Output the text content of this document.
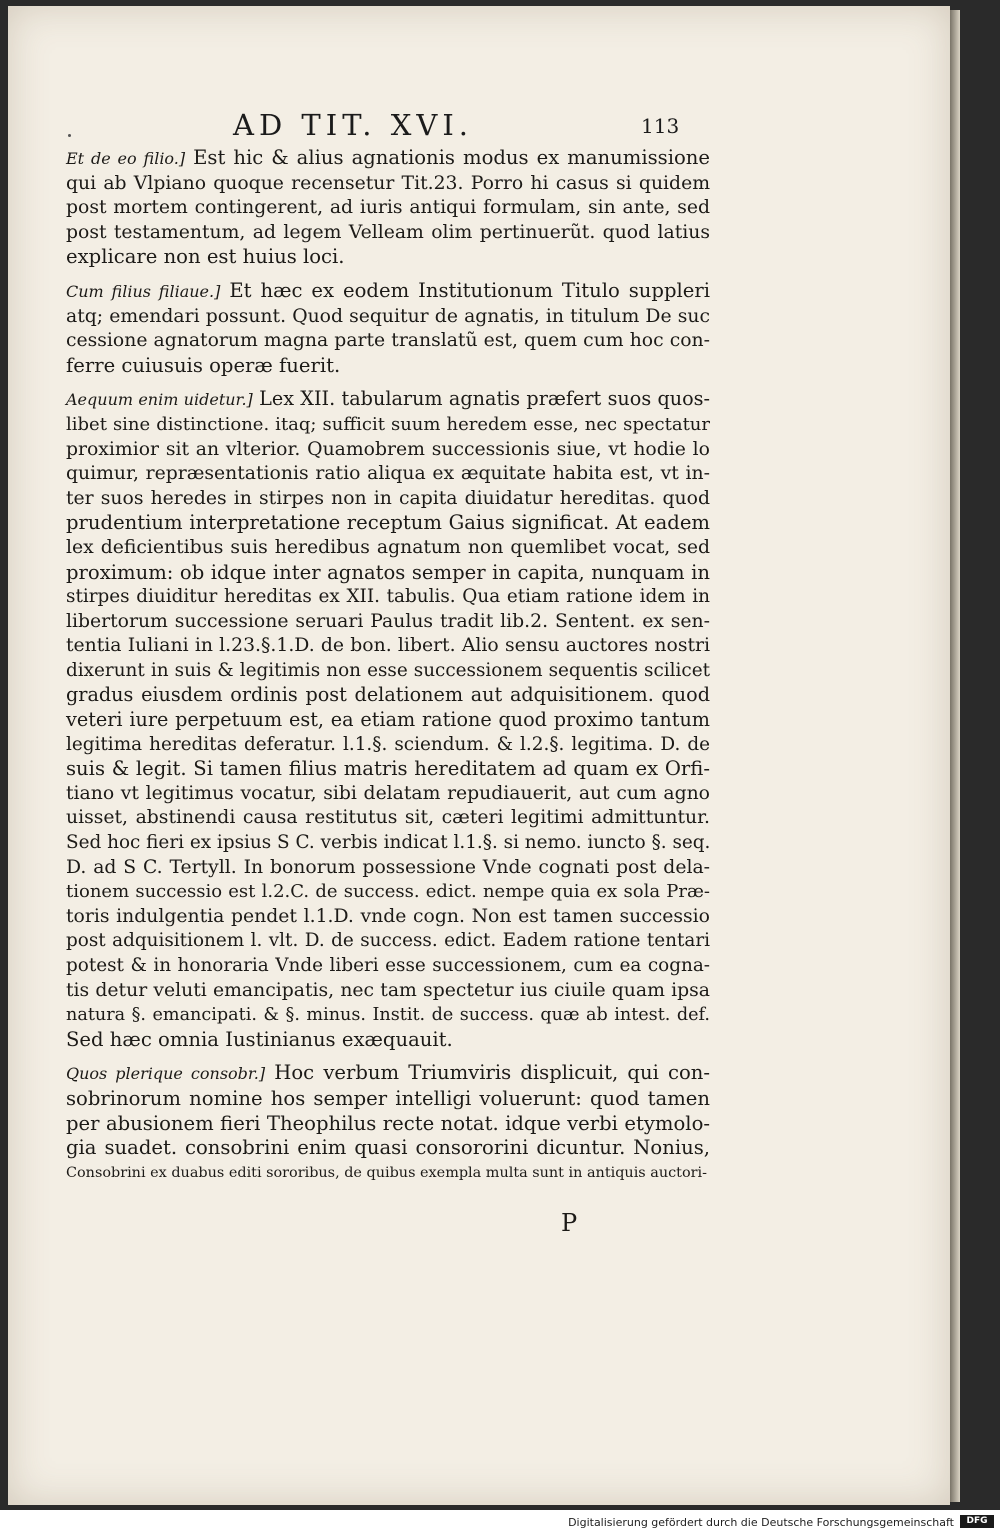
AD TIT. XVI.	113
Et de eo filio.] Est hic & alius agnationis modus ex manumissione
qui ab Vlpiano quoque recensetur Tit.23. Porro hi casus si quidem
post mortem contingerent, ad iuris antiqui formulam, sin ante, sed
post testamentum, ad legem Velleam olim pertinuerũt. quod latius
explicare non est huius loci.
Cum filius filiaue.] Et hæc ex eodem Institutionum Titulo suppleri
atq; emendari possunt. Quod sequitur de agnatis, in titulum De suc
cessione agnatorum magna parte translatũ est, quem cum hoc con-
ferre cuiusuis operæ fuerit.
Aequum enim uidetur.] Lex XII. tabularum agnatis præfert suos quos-
libet sine distinctione. itaq; sufficit suum heredem esse, nec spectatur
proximior sit an vlterior. Quamobrem successionis siue, vt hodie lo
quimur, repræsentationis ratio aliqua ex æquitate habita est, vt in-
ter suos heredes in stirpes non in capita diuidatur hereditas. quod
prudentium interpretatione receptum Gaius significat. At eadem
lex deficientibus suis heredibus agnatum non quemlibet vocat, sed
proximum: ob idque inter agnatos semper in capita, nunquam in
stirpes diuiditur hereditas ex XII. tabulis. Qua etiam ratione idem in
libertorum successione seruari Paulus tradit lib.2. Sentent. ex sen-
tentia Iuliani in l.23.§.1.D. de bon. libert. Alio sensu auctores nostri
dixerunt in suis & legitimis non esse successionem sequentis scilicet
gradus eiusdem ordinis post delationem aut adquisitionem. quod
veteri iure perpetuum est, ea etiam ratione quod proximo tantum
legitima hereditas deferatur. l.1.§. sciendum. & l.2.§. legitima. D. de
suis & legit. Si tamen filius matris hereditatem ad quam ex Orfi-
tiano vt legitimus vocatur, sibi delatam repudiauerit, aut cum agno
uisset, abstinendi causa restitutus sit, cæteri legitimi admittuntur.
Sed hoc fieri ex ipsius S C. verbis indicat l.1.§. si nemo. iuncto §. seq.
D. ad S C. Tertyll. In bonorum possessione Vnde cognati post dela-
tionem successio est l.2.C. de success. edict. nempe quia ex sola Præ-
toris indulgentia pendet l.1.D. vnde cogn. Non est tamen successio
post adquisitionem l. vlt. D. de success. edict. Eadem ratione tentari
potest & in honoraria Vnde liberi esse successionem, cum ea cogna-
tis detur veluti emancipatis, nec tam spectetur ius ciuile quam ipsa
natura §. emancipati. & §. minus. Instit. de success. quæ ab intest. def.
Sed hæc omnia Iustinianus exæquauit.
Quos plerique consobr.] Hoc verbum Triumviris displicuit, qui con-
sobrinorum nomine hos semper intelligi voluerunt: quod tamen
per abusionem fieri Theophilus recte notat. idque verbi etymolo-
gia suadet. consobrini enim quasi consororini dicuntur. Nonius,
Consobrini ex duabus editi sororibus, de quibus exempla multa sunt in antiquis auctori-
P
Digitalisierung gefördert durch die Deutsche Forschungsgemeinschaft	DFG
